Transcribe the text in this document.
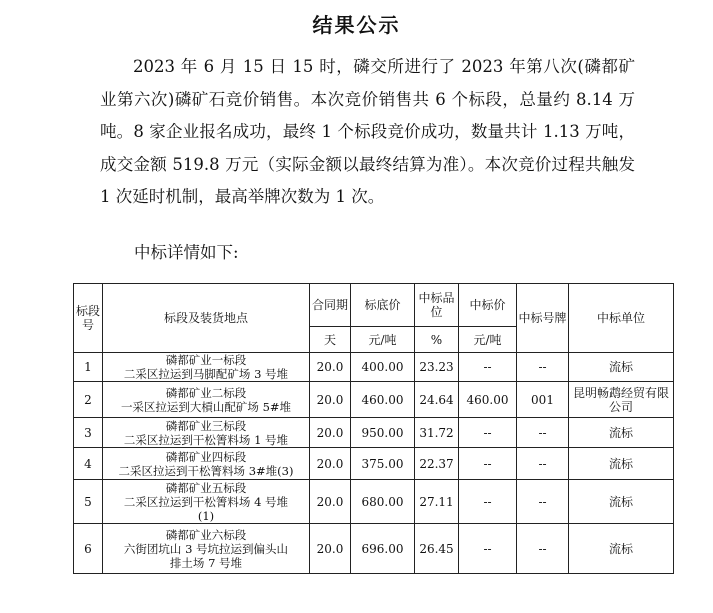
结果公示

2023 年 6 月 15 日 15 时，磷交所进行了 2023 年第八次(磷都矿业第六次)磷矿石竞价销售。本次竞价销售共 6 个标段，总量约 8.14 万吨。8 家企业报名成功，最终 1 个标段竞价成功，数量共计 1.13 万吨，成交金额 519.8 万元（实际金额以最终结算为准）。本次竞价过程共触发 1 次延时机制，最高举牌次数为 1 次。

中标详情如下:
标段号	标段及装货地点	合同期	标底价	中标品位	中标价	中标号牌	中标单位
		天	元/吨	%	元/吨		
1	磷都矿业一标段
二采区拉运到马脚配矿场 3 号堆	20.0	400.00	23.23	--	--	流标
2	磷都矿业二标段
一采区拉运到大槓山配矿场 5#堆	20.0	460.00	24.64	460.00	001	昆明畅鹉经贸有限公司
3	磷都矿业三标段
二采区拉运到干松箐料场 1 号堆	20.0	950.00	31.72	--	--	流标
4	磷都矿业四标段
二采区拉运到干松箐料场 3#堆(3)	20.0	375.00	22.37	--	--	流标
5	磷都矿业五标段
二采区拉运到干松箐料场 4 号堆
(1)	20.0	680.00	27.11	--	--	流标
6	磷都矿业六标段
六街团坑山 3 号坑拉运到偏头山
排土场 7 号堆	20.0	696.00	26.45	--	--	流标
